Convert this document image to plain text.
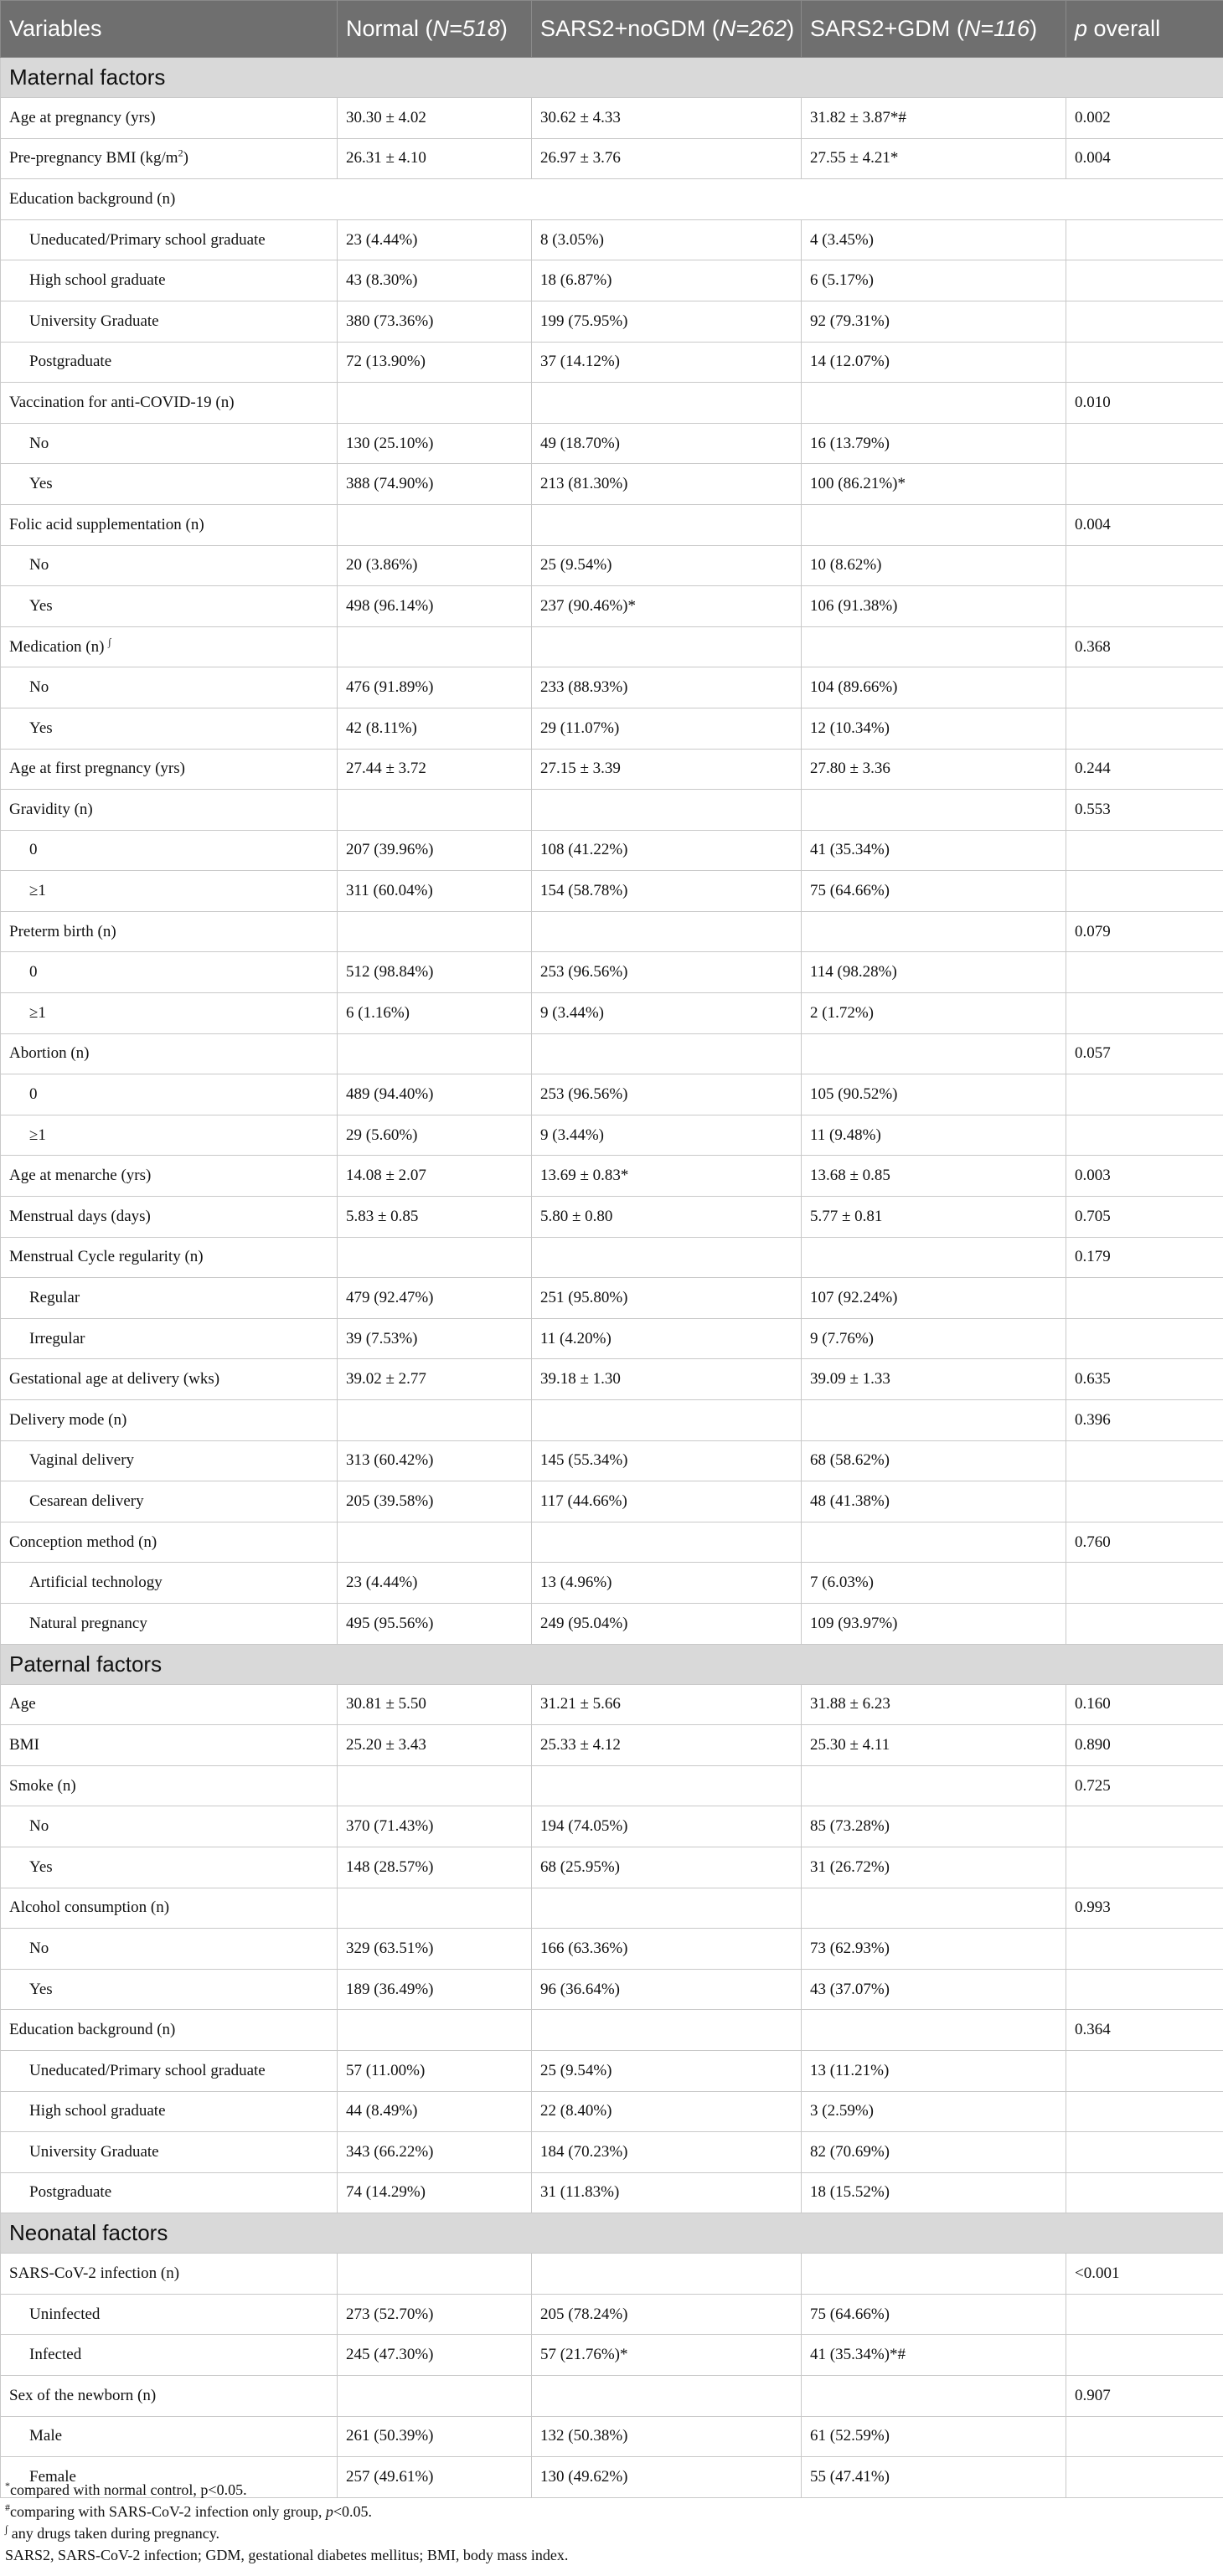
Variables	Normal (N=518)	SARS2+noGDM (N=262)	SARS2+GDM (N=116)	p overall
Maternal factors				
Age at pregnancy (yrs)	30.30 ± 4.02	30.62 ± 4.33	31.82 ± 3.87*#	0.002
Pre-pregnancy BMI $(kg/m^2)$	26.31 ± 4.10	26.97 ± 3.76	27.55 ± 4.21*	0.004
Education background (n)				
Uneducated/Primary school graduate	23 (4.44%)	8 (3.05%)	4 (3.45%)	
High school graduate	43 (8.30%)	18 (6.87%)	6 (5.17%)	
University Graduate	380 (73.36%)	199 (75.95%)	92 (79.31%)	
Postgraduate	72 (13.90%)	37 (14.12%)	14 (12.07%)	
Vaccination for anti-COVID-19 (n)				0.010
No	130 (25.10%)	49 (18.70%)	16 (13.79%)	
Yes	388 (74.90%)	213 (81.30%)	100 (86.21%)*	
Folic acid supplementation (n)				0.004
No	20 (3.86%)	25 (9.54%)	10 (8.62%)	
Yes	498 (96.14%)	237 (90.46%)*	106 (91.38%)	
Medication (n) ∫				0.368
No	476 (91.89%)	233 (88.93%)	104 (89.66%)	
Yes	42 (8.11%)	29 (11.07%)	12 (10.34%)	
Age at first pregnancy (yrs)	27.44 ± 3.72	27.15 ± 3.39	27.80 ± 3.36	0.244
Gravidity (n)				0.553
0	207 (39.96%)	108 (41.22%)	41 (35.34%)	
≥1	311 (60.04%)	154 (58.78%)	75 (64.66%)	
Preterm birth (n)				0.079
0	512 (98.84%)	253 (96.56%)	114 (98.28%)	
≥1	6 (1.16%)	9 (3.44%)	2 (1.72%)	
Abortion (n)				0.057
0	489 (94.40%)	253 (96.56%)	105 (90.52%)	
≥1	29 (5.60%)	9 (3.44%)	11 (9.48%)	
Age at menarche (yrs)	14.08 ± 2.07	13.69 ± 0.83*	13.68 ± 0.85	0.003
Menstrual days (days)	5.83 ± 0.85	5.80 ± 0.80	5.77 ± 0.81	0.705
Menstrual Cycle regularity (n)				0.179
Regular	479 (92.47%)	251 (95.80%)	107 (92.24%)	
Irregular	39 (7.53%)	11 (4.20%)	9 (7.76%)	
Gestational age at delivery (wks)	39.02 ± 2.77	39.18 ± 1.30	39.09 ± 1.33	0.635
Delivery mode (n)				0.396
Vaginal delivery	313 (60.42%)	145 (55.34%)	68 (58.62%)	
Cesarean delivery	205 (39.58%)	117 (44.66%)	48 (41.38%)	
Conception method (n)				0.760
Artificial technology	23 (4.44%)	13 (4.96%)	7 (6.03%)	
Natural pregnancy	495 (95.56%)	249 (95.04%)	109 (93.97%)	
Paternal factors				
Age	30.81 ± 5.50	31.21 ± 5.66	31.88 ± 6.23	0.160
BMI	25.20 ± 3.43	25.33 ± 4.12	25.30 ± 4.11	0.890
Smoke (n)				0.725
No	370 (71.43%)	194 (74.05%)	85 (73.28%)	
Yes	148 (28.57%)	68 (25.95%)	31 (26.72%)	
Alcohol consumption (n)				0.993
No	329 (63.51%)	166 (63.36%)	73 (62.93%)	
Yes	189 (36.49%)	96 (36.64%)	43 (37.07%)	
Education background (n)				0.364
Uneducated/Primary school graduate	57 (11.00%)	25 (9.54%)	13 (11.21%)	
High school graduate	44 (8.49%)	22 (8.40%)	3 (2.59%)	
University Graduate	343 (66.22%)	184 (70.23%)	82 (70.69%)	
Postgraduate	74 (14.29%)	31 (11.83%)	18 (15.52%)	
Neonatal factors				
SARS-CoV-2 infection (n)				<0.001
Uninfected	273 (52.70%)	205 (78.24%)	75 (64.66%)	
Infected	245 (47.30%)	57 (21.76%)*	41 (35.34%)*#	
Sex of the newborn (n)				0.907
Male	261 (50.39%)	132 (50.38%)	61 (52.59%)	
Female	257 (49.61%)	130 (49.62%)	55 (47.41%)	
*compared with normal control, p<0.05.
#comparing with SARS-CoV-2 infection only group, p<0.05.
∫ any drugs taken during pregnancy.
SARS2, SARS-CoV-2 infection; GDM, gestational diabetes mellitus; BMI, body mass index.
